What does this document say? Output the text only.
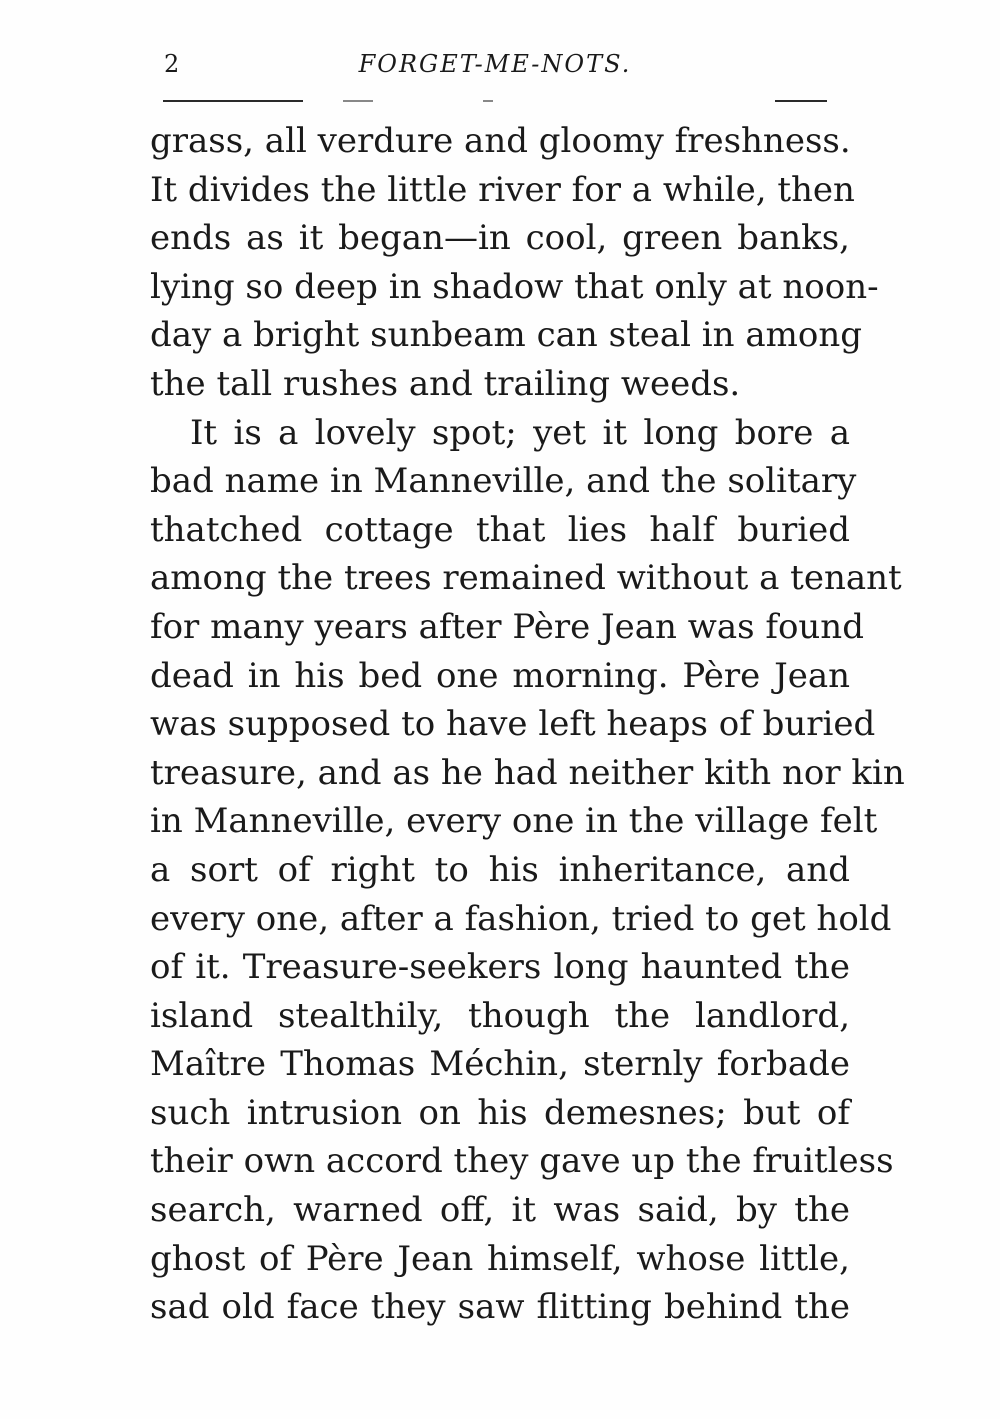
2	FORGET-ME-NOTS.
grass, all verdure and gloomy freshness.
It divides the little river for a while, then
ends as it began—in cool, green banks,
lying so deep in shadow that only at noon-
day a bright sunbeam can steal in among
the tall rushes and trailing weeds.
It is a lovely spot; yet it long bore a
bad name in Manneville, and the solitary
thatched cottage that lies half buried
among the trees remained without a tenant
for many years after Père Jean was found
dead in his bed one morning. Père Jean
was supposed to have left heaps of buried
treasure, and as he had neither kith nor kin
in Manneville, every one in the village felt
a sort of right to his inheritance, and
every one, after a fashion, tried to get hold
of it. Treasure-seekers long haunted the
island stealthily, though the landlord,
Maître Thomas Méchin, sternly forbade
such intrusion on his demesnes; but of
their own accord they gave up the fruitless
search, warned off, it was said, by the
ghost of Père Jean himself, whose little,
sad old face they saw flitting behind the
